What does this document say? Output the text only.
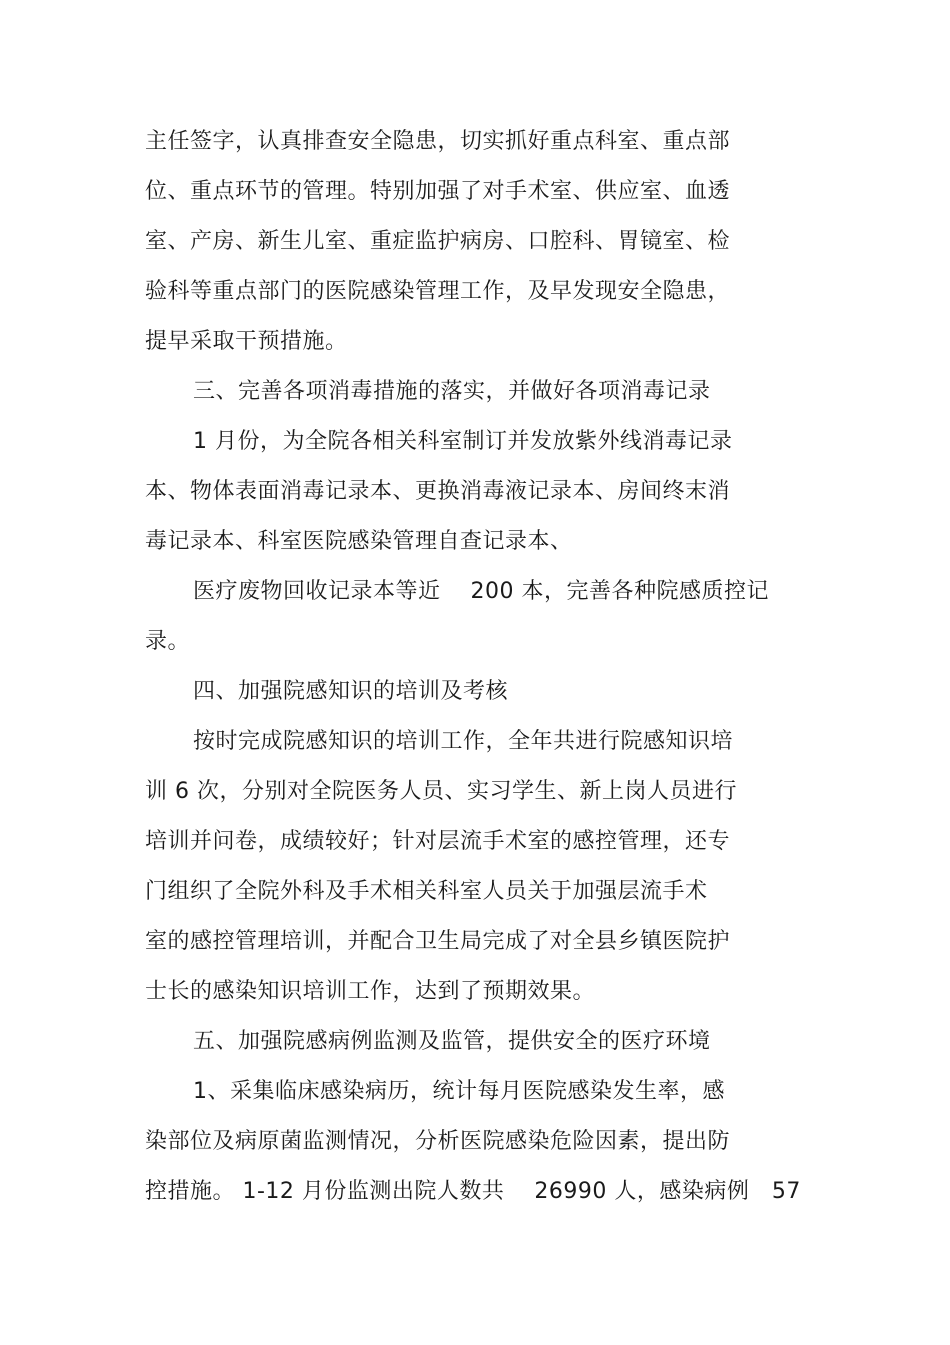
主任签字，认真排查安全隐患，切实抓好重点科室、重点部
位、重点环节的管理。特别加强了对手术室、供应室、血透
室、产房、新生儿室、重症监护病房、口腔科、胃镜室、检
验科等重点部门的医院感染管理工作，及早发现安全隐患，
提早采取干预措施。
三、完善各项消毒措施的落实，并做好各项消毒记录
1 月份，为全院各相关科室制订并发放紫外线消毒记录
本、物体表面消毒记录本、更换消毒液记录本、房间终末消
毒记录本、科室医院感染管理自查记录本、
医疗废物回收记录本等近　 200 本，完善各种院感质控记
录。
四、加强院感知识的培训及考核
按时完成院感知识的培训工作，全年共进行院感知识培
训 6 次，分别对全院医务人员、实习学生、新上岗人员进行
培训并问卷，成绩较好；针对层流手术室的感控管理，还专
门组织了全院外科及手术相关科室人员关于加强层流手术
室的感控管理培训，并配合卫生局完成了对全县乡镇医院护
士长的感染知识培训工作，达到了预期效果。
五、加强院感病例监测及监管，提供安全的医疗环境
1、采集临床感染病历，统计每月医院感染发生率，感
染部位及病原菌监测情况，分析医院感染危险因素，提出防
控措施。 1-12 月份监测出院人数共　 26990 人，感染病例　57
